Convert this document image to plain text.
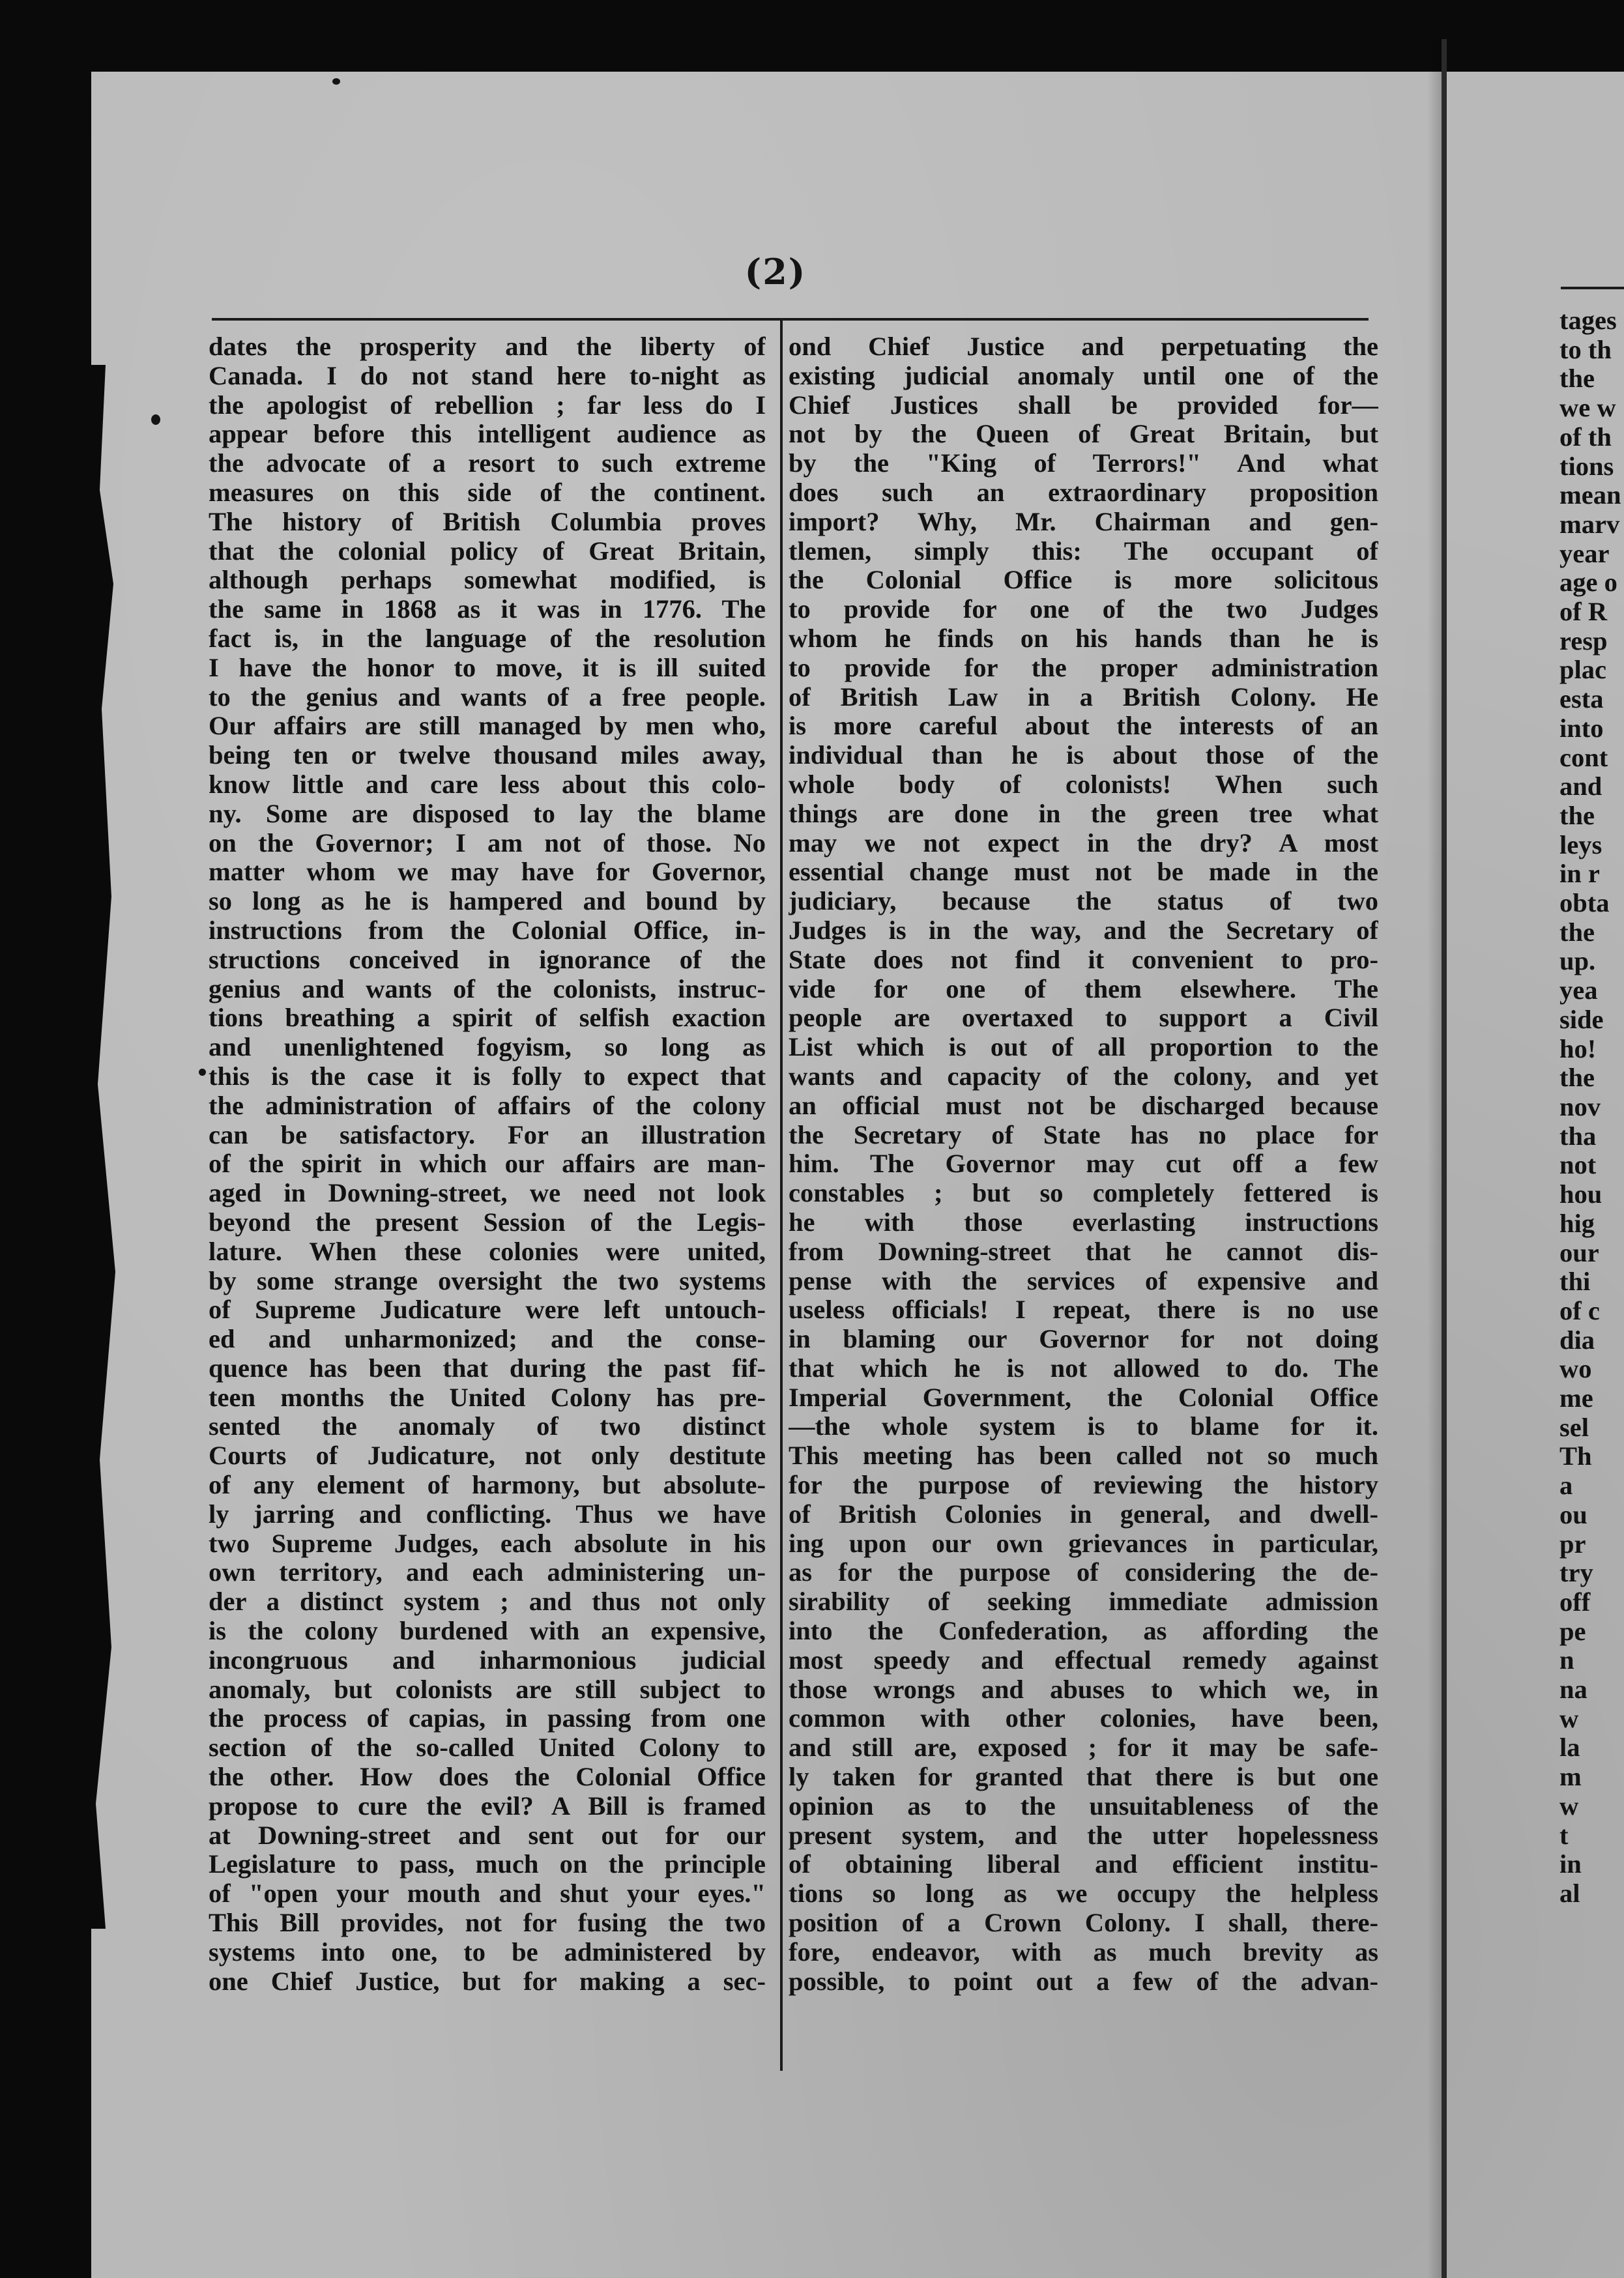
(2)
dates the prosperity and the liberty of
Canada. I do not stand here to-night as
the apologist of rebellion ; far less do I
appear before this intelligent audience as
the advocate of a resort to such extreme
measures on this side of the continent.
The history of British Columbia proves
that the colonial policy of Great Britain,
although perhaps somewhat modified, is
the same in 1868 as it was in 1776. The
fact is, in the language of the resolution
I have the honor to move, it is ill suited
to the genius and wants of a free people.
Our affairs are still managed by men who,
being ten or twelve thousand miles away,
know little and care less about this colo-
ny. Some are disposed to lay the blame
on the Governor; I am not of those. No
matter whom we may have for Governor,
so long as he is hampered and bound by
instructions from the Colonial Office, in-
structions conceived in ignorance of the
genius and wants of the colonists, instruc-
tions breathing a spirit of selfish exaction
and unenlightened fogyism, so long as
this is the case it is folly to expect that
the administration of affairs of the colony
can be satisfactory. For an illustration
of the spirit in which our affairs are man-
aged in Downing-street, we need not look
beyond the present Session of the Legis-
lature. When these colonies were united,
by some strange oversight the two systems
of Supreme Judicature were left untouch-
ed and unharmonized; and the conse-
quence has been that during the past fif-
teen months the United Colony has pre-
sented the anomaly of two distinct
Courts of Judicature, not only destitute
of any element of harmony, but absolute-
ly jarring and conflicting. Thus we have
two Supreme Judges, each absolute in his
own territory, and each administering un-
der a distinct system ; and thus not only
is the colony burdened with an expensive,
incongruous and inharmonious judicial
anomaly, but colonists are still subject to
the process of capias, in passing from one
section of the so-called United Colony to
the other. How does the Colonial Office
propose to cure the evil? A Bill is framed
at Downing-street and sent out for our
Legislature to pass, much on the principle
of "open your mouth and shut your eyes."
This Bill provides, not for fusing the two
systems into one, to be administered by
one Chief Justice, but for making a sec-
ond Chief Justice and perpetuating the
existing judicial anomaly until one of the
Chief Justices shall be provided for—
not by the Queen of Great Britain, but
by the "King of Terrors!" And what
does such an extraordinary proposition
import? Why, Mr. Chairman and gen-
tlemen, simply this: The occupant of
the Colonial Office is more solicitous
to provide for one of the two Judges
whom he finds on his hands than he is
to provide for the proper administration
of British Law in a British Colony. He
is more careful about the interests of an
individual than he is about those of the
whole body of colonists! When such
things are done in the green tree what
may we not expect in the dry? A most
essential change must not be made in the
judiciary, because the status of two
Judges is in the way, and the Secretary of
State does not find it convenient to pro-
vide for one of them elsewhere. The
people are overtaxed to support a Civil
List which is out of all proportion to the
wants and capacity of the colony, and yet
an official must not be discharged because
the Secretary of State has no place for
him. The Governor may cut off a few
constables ; but so completely fettered is
he with those everlasting instructions
from Downing-street that he cannot dis-
pense with the services of expensive and
useless officials! I repeat, there is no use
in blaming our Governor for not doing
that which he is not allowed to do. The
Imperial Government, the Colonial Office
—the whole system is to blame for it.
This meeting has been called not so much
for the purpose of reviewing the history
of British Colonies in general, and dwell-
ing upon our own grievances in particular,
as for the purpose of considering the de-
sirability of seeking immediate admission
into the Confederation, as affording the
most speedy and effectual remedy against
those wrongs and abuses to which we, in
common with other colonies, have been,
and still are, exposed ; for it may be safe-
ly taken for granted that there is but one
opinion as to the unsuitableness of the
present system, and the utter hopelessness
of obtaining liberal and efficient institu-
tions so long as we occupy the helpless
position of a Crown Colony. I shall, there-
fore, endeavor, with as much brevity as
possible, to point out a few of the advan-
tages
to th
the
we w
of th
tions
mean
marv
year
age o
of R
resp
plac
esta
into
cont
and
the
leys
in r
obta
the
up.
yea
side
ho!
the
nov
tha
not
hou
hig
our
thi
of c
dia
wo
me
sel
Th
a
ou
pr
try
off
pe
n
na
w
la
m
w
t
in
al
